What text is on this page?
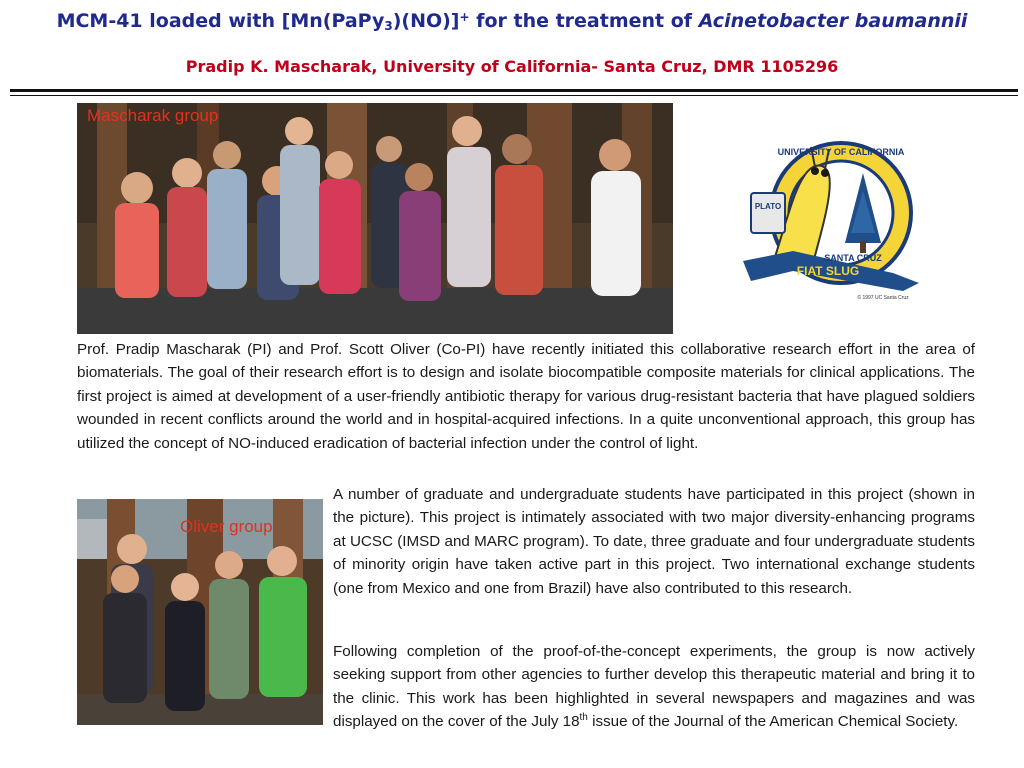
MCM-41 loaded with [Mn(PaPy$_3$)(NO)]+ for the treatment of Acinetobacter baumannii
Pradip K. Mascharak, University of California- Santa Cruz, DMR 1105296
Mascharak group
PLATO
FIAT SLUG
UNIVERSITY OF CALIFORNIA
SANTA CRUZ
© 1997 UC Santa Cruz

Prof. Pradip Mascharak (PI) and Prof. Scott Oliver (Co-PI) have recently initiated this collaborative research effort in the area of biomaterials. The goal of their research effort is to design and isolate biocompatible composite materials for clinical applications. The first project is aimed at development of a user-friendly antibiotic therapy for various drug-resistant bacteria that have plagued soldiers wounded in recent conflicts around the world and in hospital-acquired infections. In a quite unconventional approach, this group has utilized the concept of NO-induced eradication of bacterial infection under the control of light.

Oliver group

A number of graduate and undergraduate students have participated in this project (shown in the picture). This project is intimately associated with two major diversity-enhancing programs at UCSC (IMSD and MARC program). To date, three graduate and four undergraduate students of minority origin have taken active part in this project. Two international exchange students (one from Mexico and one from Brazil) have also contributed to this research.

Following completion of the proof-of-the-concept experiments, the group is now actively seeking support from other agencies to further develop this therapeutic material and bring it to the clinic. This work has been highlighted in several newspapers and magazines and was displayed on the cover of the July 18th issue of the Journal of the American Chemical Society.
